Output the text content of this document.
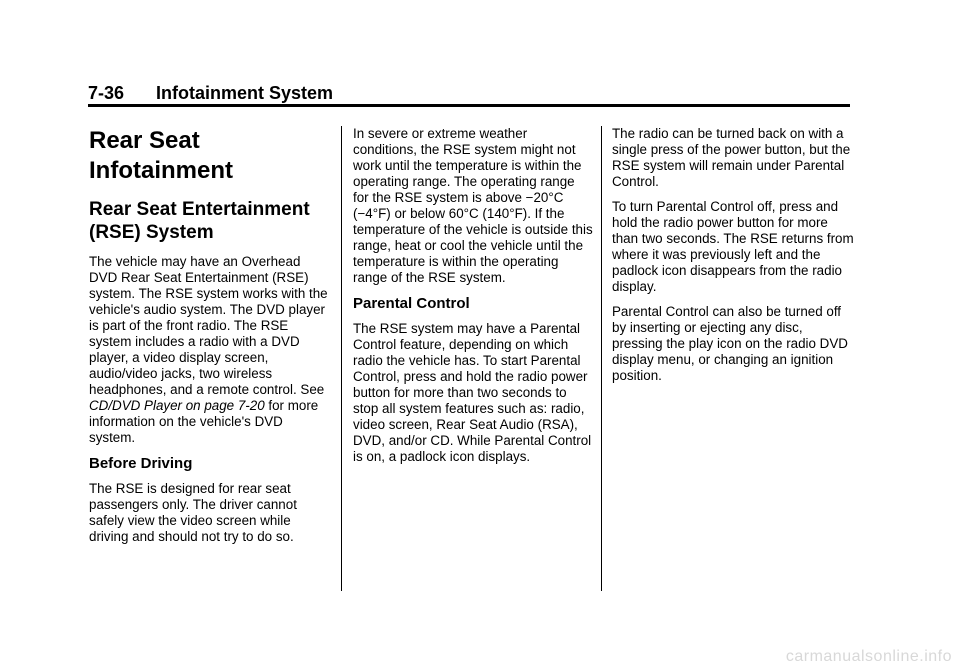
7-36 Infotainment System
Rear Seat Infotainment
Rear Seat Entertainment (RSE) System

The vehicle may have an Overhead DVD Rear Seat Entertainment (RSE) system. The RSE system works with the vehicle's audio system. The DVD player is part of the front radio. The RSE system includes a radio with a DVD player, a video display screen, audio/video jacks, two wireless headphones, and a remote control. See CD/DVD Player on page 7‑20 for more information on the vehicle's DVD system.

Before Driving

The RSE is designed for rear seat passengers only. The driver cannot safely view the video screen while driving and should not try to do so.

In severe or extreme weather conditions, the RSE system might not work until the temperature is within the operating range. The operating range for the RSE system is above −20°C (−4°F) or below 60°C (140°F). If the temperature of the vehicle is outside this range, heat or cool the vehicle until the temperature is within the operating range of the RSE system.

Parental Control

The RSE system may have a Parental Control feature, depending on which radio the vehicle has. To start Parental Control, press and hold the radio power button for more than two seconds to stop all system features such as: radio, video screen, Rear Seat Audio (RSA), DVD, and/or CD. While Parental Control is on, a padlock icon displays.

The radio can be turned back on with a single press of the power button, but the RSE system will remain under Parental Control.

To turn Parental Control off, press and hold the radio power button for more than two seconds. The RSE returns from where it was previously left and the padlock icon disappears from the radio display.

Parental Control can also be turned off by inserting or ejecting any disc, pressing the play icon on the radio DVD display menu, or changing an ignition position.

carmanualsonline.info
